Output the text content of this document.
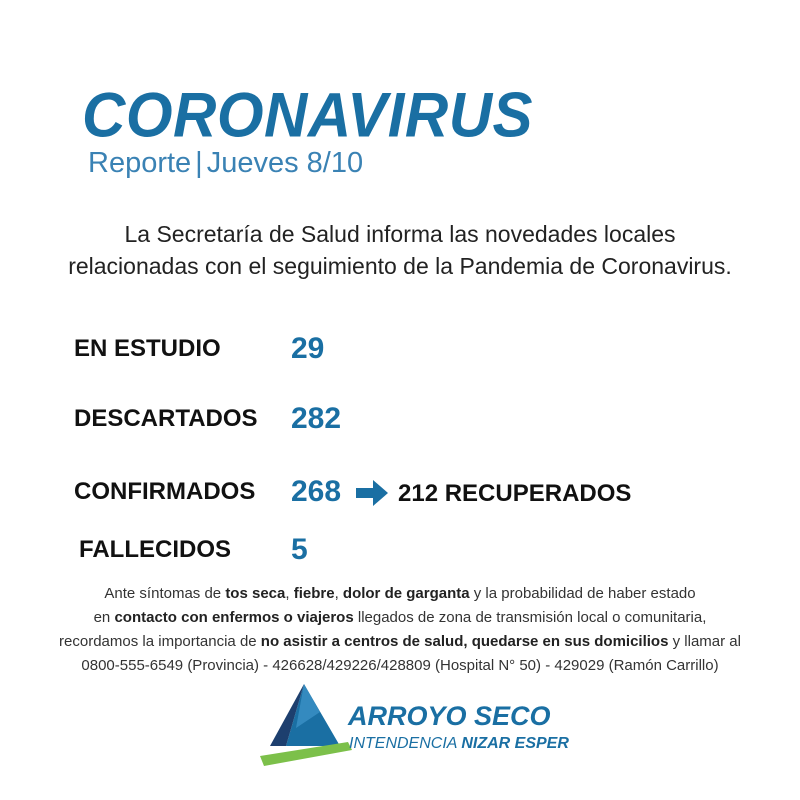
CORONAVIRUS
Reporte | Jueves 8/10
La Secretaría de Salud informa las novedades locales
relacionadas con el seguimiento de la Pandemia de Coronavirus.
EN ESTUDIO 29
DESCARTADOS 282
CONFIRMADOS 268 212 RECUPERADOS
FALLECIDOS 5
Ante síntomas de tos seca, fiebre, dolor de garganta y la probabilidad de haber estado
en contacto con enfermos o viajeros llegados de zona de transmisión local o comunitaria,
recordamos la importancia de no asistir a centros de salud, quedarse en sus domicilios y llamar al
0800-555-6549 (Provincia) - 426628/429226/428809 (Hospital N° 50) - 429029 (Ramón Carrillo)
ARROYO SECO
INTENDENCIA NIZAR ESPER
